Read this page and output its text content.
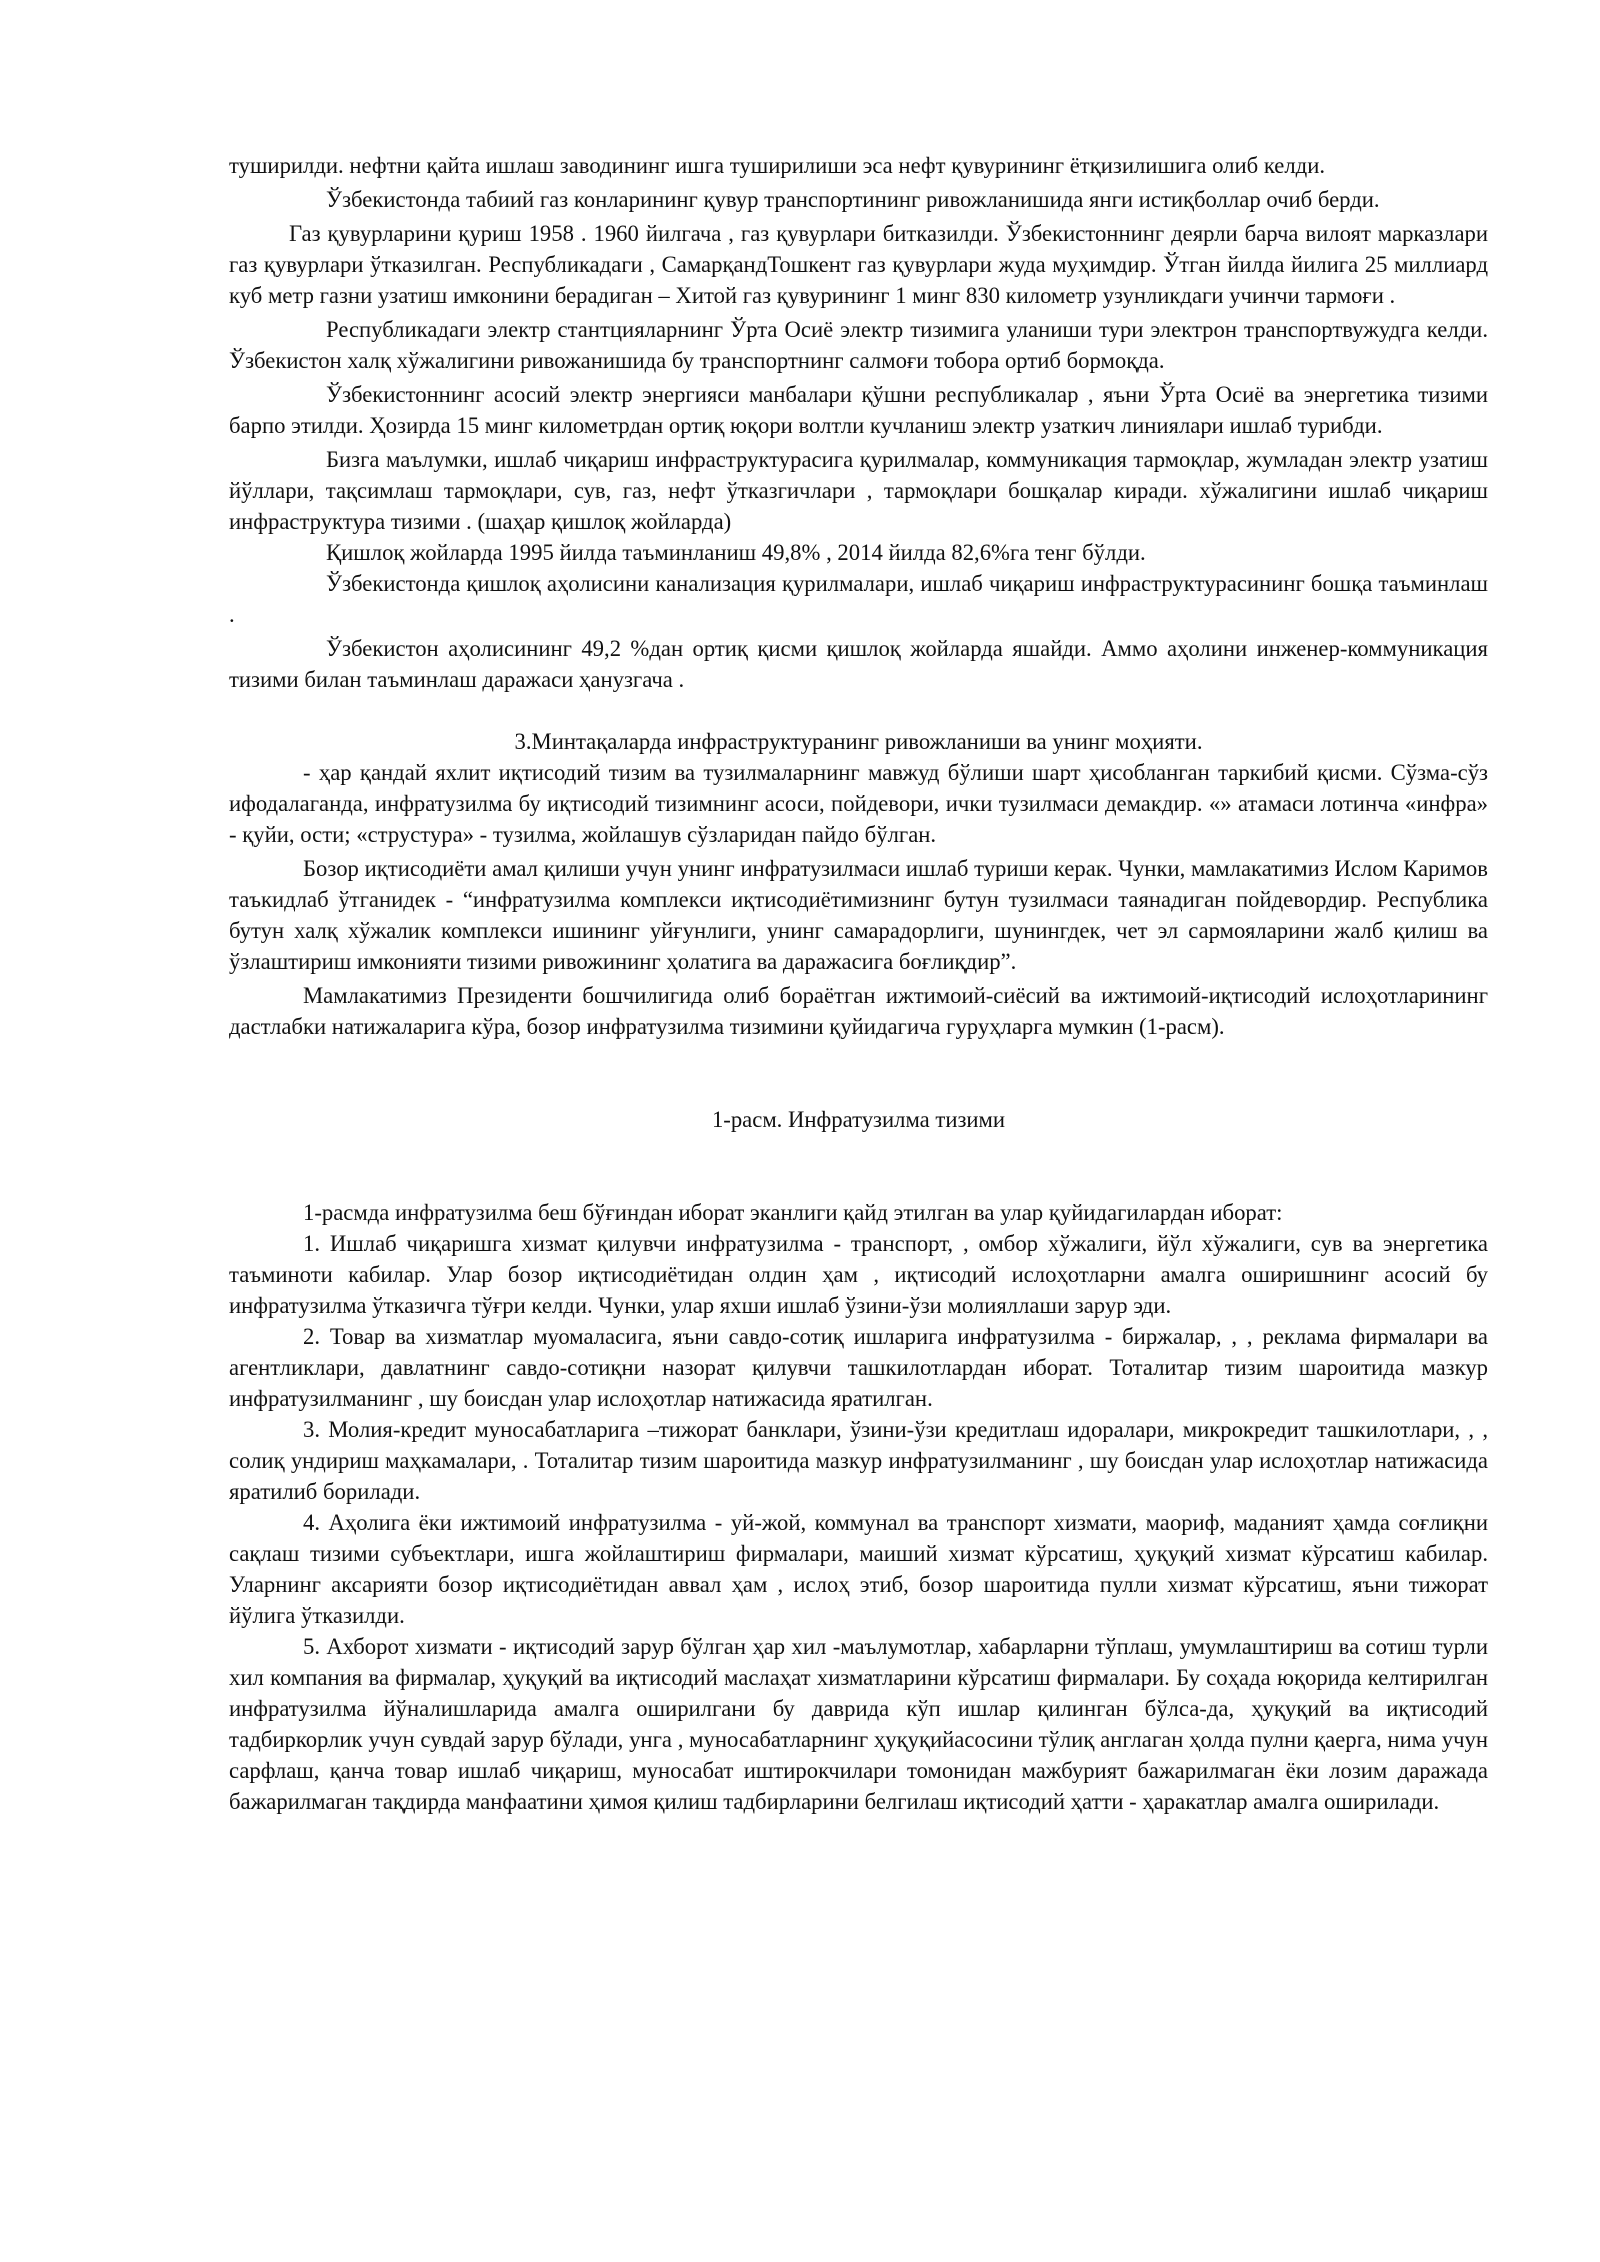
туширилди. нефтни қайта ишлаш заводининг ишга туширилиши эса нефт қувурининг ётқизилишига олиб келди.

Ўзбекистонда табиий газ конларининг қувур транспортининг ривожланишида янги истиқболлар очиб берди.

Газ қувурларини қуриш 1958 . 1960 йилгача , газ қувурлари битказилди. Ўзбекистоннинг деярли барча вилоят марказлари газ қувурлари ўтказилган. Республикадаги , СамарқандТошкент газ қувурлари жуда муҳимдир. Ўтган йилда йилига 25 миллиард куб метр газни узатиш имконини берадиган – Хитой газ қувурининг 1 минг 830 километр узунликдаги учинчи тармоғи .

Республикадаги электр стантцияларнинг Ўрта Осиё электр тизимига уланиши тури электрон транспортвужудга келди. Ўзбекистон халқ хўжалигини ривожанишида бу транспортнинг салмоғи тобора ортиб бормоқда.

Ўзбекистоннинг асосий электр энергияси манбалари қўшни республикалар , яъни Ўрта Осиё ва энергетика тизими барпо этилди. Ҳозирда 15 минг километрдан ортиқ юқори волтли кучланиш электр узаткич линиялари ишлаб турибди.

Бизга маълумки, ишлаб чиқариш инфраструктурасига қурилмалар, коммуникация тармоқлар, жумладан электр узатиш йўллари, тақсимлаш тармоқлари, сув, газ, нефт ўтказгичлари , тармоқлари бошқалар киради. хўжалигини ишлаб чиқариш инфраструктура тизими . (шаҳар қишлоқ жойларда)

Қишлоқ жойларда 1995 йилда таъминланиш 49,8% , 2014 йилда 82,6%га тенг бўлди.

Ўзбекистонда қишлоқ аҳолисини канализация қурилмалари, ишлаб чиқариш инфраструктурасининг бошқа таъминлаш .

Ўзбекистон аҳолисининг 49,2 %дан ортиқ қисми қишлоқ жойларда яшайди. Аммо аҳолини инженер-коммуникация тизими билан таъминлаш даражаси ҳанузгача .

3.Минтақаларда инфраструктуранинг ривожланиши ва унинг моҳияти.

- ҳар қандай яхлит иқтисодий тизим ва тузилмаларнинг мавжуд бўлиши шарт ҳисобланган таркибий қисми. Сўзма-сўз ифодалаганда, инфратузилма бу иқтисодий тизимнинг асоси, пойдевори, ички тузилмаси демакдир. «» атамаси лотинча «инфра» - қуйи, ости; «струстура» - тузилма, жойлашув сўзларидан пайдо бўлган.

Бозор иқтисодиёти амал қилиши учун унинг инфратузилмаси ишлаб туриши керак. Чунки, мамлакатимиз Ислом Каримов таъкидлаб ўтганидек - “инфратузилма комплекси иқтисодиётимизнинг бутун тузилмаси таянадиган пойдевордир. Республика бутун халқ хўжалик комплекси ишининг уйғунлиги, унинг самарадорлиги, шунингдек, чет эл сармояларини жалб қилиш ва ўзлаштириш имконияти тизими ривожининг ҳолатига ва даражасига боғлиқдир”.

Мамлакатимиз Президенти бошчилигида олиб бораётган ижтимоий-сиёсий ва ижтимоий-иқтисодий ислоҳотларининг дастлабки натижаларига кўра, бозор инфратузилма тизимини қуйидагича гуруҳларга мумкин (1-расм).

1-расм. Инфратузилма тизими

1-расмда инфратузилма беш бўғиндан иборат эканлиги қайд этилган ва улар қуйидагилардан иборат:

1. Ишлаб чиқаришга хизмат қилувчи инфратузилма - транспорт, , омбор хўжалиги, йўл хўжалиги, сув ва энергетика таъминоти кабилар. Улар бозор иқтисодиётидан олдин ҳам , иқтисодий ислоҳотларни амалга оширишнинг асосий бу инфратузилма ўтказичга тўғри келди. Чунки, улар яхши ишлаб ўзини-ўзи молияллаши зарур эди.

2. Товар ва хизматлар муомаласига, яъни савдо-сотиқ ишларига инфратузилма - биржалар, , , реклама фирмалари ва агентликлари, давлатнинг савдо-сотиқни назорат қилувчи ташкилотлардан иборат. Тоталитар тизим шароитида мазкур инфратузилманинг , шу боисдан улар ислоҳотлар натижасида яратилган.

3. Молия-кредит муносабатларига –тижорат банклари, ўзини-ўзи кредитлаш идоралари, микрокредит ташкилотлари, , , солиқ ундириш маҳкамалари, . Тоталитар тизим шароитида мазкур инфратузилманинг , шу боисдан улар ислоҳотлар натижасида яратилиб борилади.

4. Аҳолига ёки ижтимоий инфратузилма - уй-жой, коммунал ва транспорт хизмати, маориф, маданият ҳамда соғлиқни сақлаш тизими субъектлари, ишга жойлаштириш фирмалари, маиший хизмат кўрсатиш, ҳуқуқий хизмат кўрсатиш кабилар. Уларнинг аксарияти бозор иқтисодиётидан аввал ҳам , ислоҳ этиб, бозор шароитида пулли хизмат кўрсатиш, яъни тижорат йўлига ўтказилди.

5. Ахборот хизмати - иқтисодий зарур бўлган ҳар хил -маълумотлар, хабарларни тўплаш, умумлаштириш ва сотиш турли хил компания ва фирмалар, ҳуқуқий ва иқтисодий маслаҳат хизматларини кўрсатиш фирмалари. Бу соҳада юқорида келтирилган инфратузилма йўналишларида амалга оширилгани бу даврида кўп ишлар қилинган бўлса-да, ҳуқуқий ва иқтисодий тадбиркорлик учун сувдай зарур бўлади, унга , муносабатларнинг ҳуқуқийасосини тўлиқ англаган ҳолда пулни қаерга, нима учун сарфлаш, қанча товар ишлаб чиқариш, муносабат иштирокчилари томонидан мажбурият бажарилмаган ёки лозим даражада бажарилмаган тақдирда манфаатини ҳимоя қилиш тадбирларини белгилаш иқтисодий ҳатти - ҳаракатлар амалга оширилади.
